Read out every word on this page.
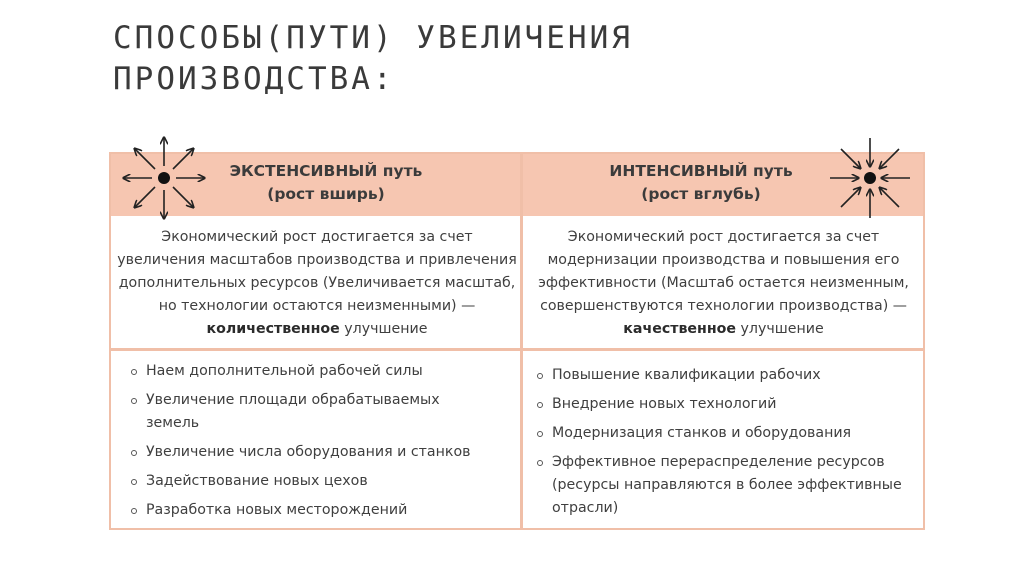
СПОСОБЫ(ПУТИ) УВЕЛИЧЕНИЯ ПРОИЗВОДСТВА:
ЭКСТЕНСИВНЫЙ путь
(рост вширь)
ИНТЕНСИВНЫЙ путь
(рост вглубь)
Экономический рост достигается за счет увеличения масштабов производства и привлечения дополнительных ресурсов (Увеличивается масштаб, но технологии остаются неизменными) — количественное улучшение
Экономический рост достигается за счет модернизации производства и повышения его эффективности (Масштаб остается неизменным, совершенствуются технологии производства) — качественное улучшение
Наем дополнительной рабочей силы
Увеличение площади обрабатываемых земель
Увеличение числа оборудования и станков
Задействование новых цехов
Разработка новых месторождений
Повышение квалификации рабочих
Внедрение новых технологий
Модернизация станков и оборудования
Эффективное перераспределение ресурсов (ресурсы направляются в более эффективные отрасли)
